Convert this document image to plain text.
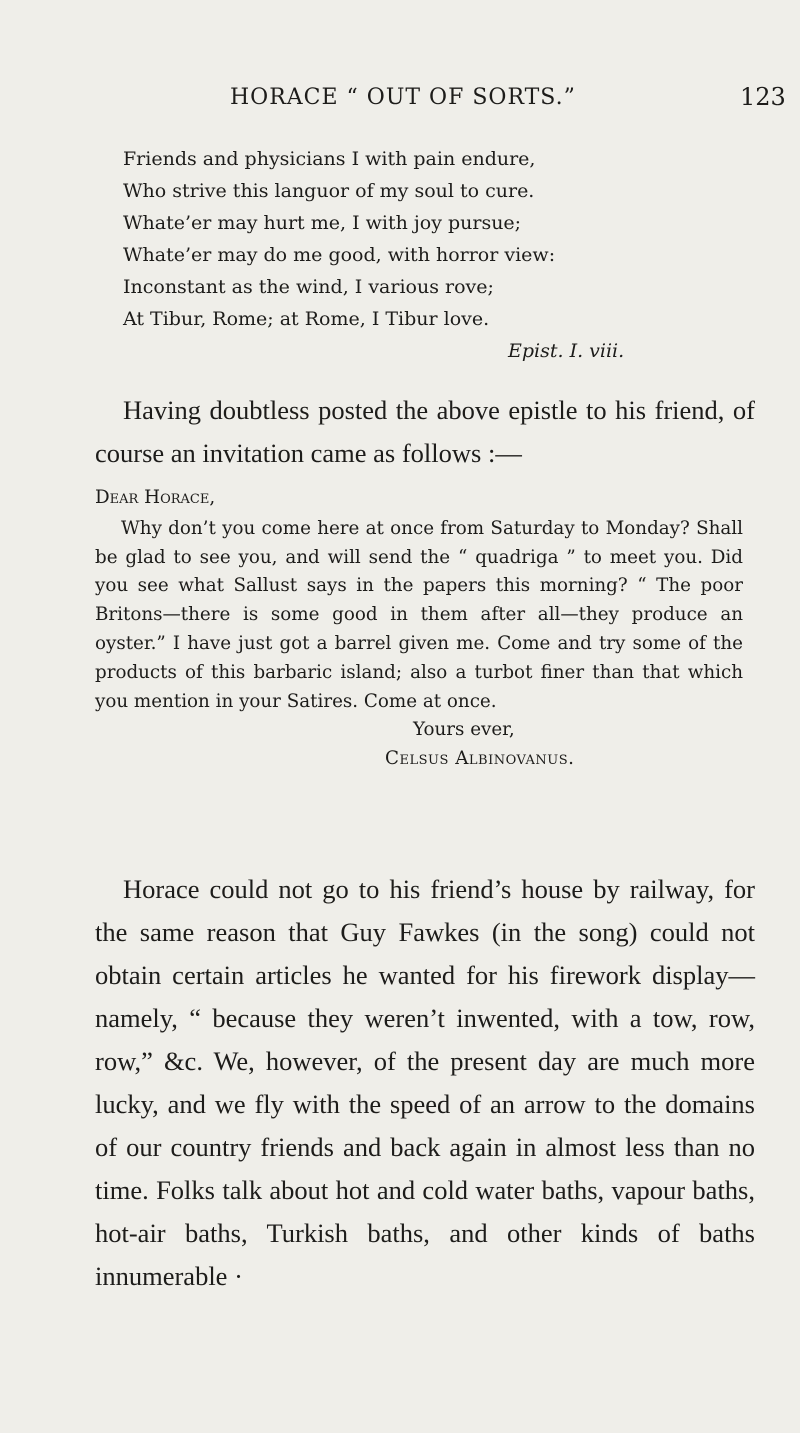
HORACE “ OUT OF SORTS.”	123
Friends and physicians I with pain endure,
Who strive this languor of my soul to cure.
Whate’er may hurt me, I with joy pursue;
Whate’er may do me good, with horror view:
Inconstant as the wind, I various rove;
At Tibur, Rome; at Rome, I Tibur love.
Epist. I. viii.
Having doubtless posted the above epistle to his friend, of course an invitation came as follows :—
Dear Horace,
Why don’t you come here at once from Saturday to Monday? Shall be glad to see you, and will send the “ quadriga ” to meet you. Did you see what Sallust says in the papers this morning? “ The poor Britons—there is some good in them after all—they produce an oyster.” I have just got a barrel given me. Come and try some of the products of this barbaric island; also a turbot finer than that which you mention in your Satires. Come at once.
Yours ever,
Celsus Albinovanus.
Horace could not go to his friend’s house by railway, for the same reason that Guy Fawkes (in the song) could not obtain certain articles he wanted for his firework display—namely, “ because they weren’t inwented, with a tow, row, row,” &c. We, however, of the present day are much more lucky, and we fly with the speed of an arrow to the domains of our country friends and back again in almost less than no time. Folks talk about hot and cold water baths, vapour baths, hot-air baths, Turkish baths, and other kinds of baths innumerable ·
